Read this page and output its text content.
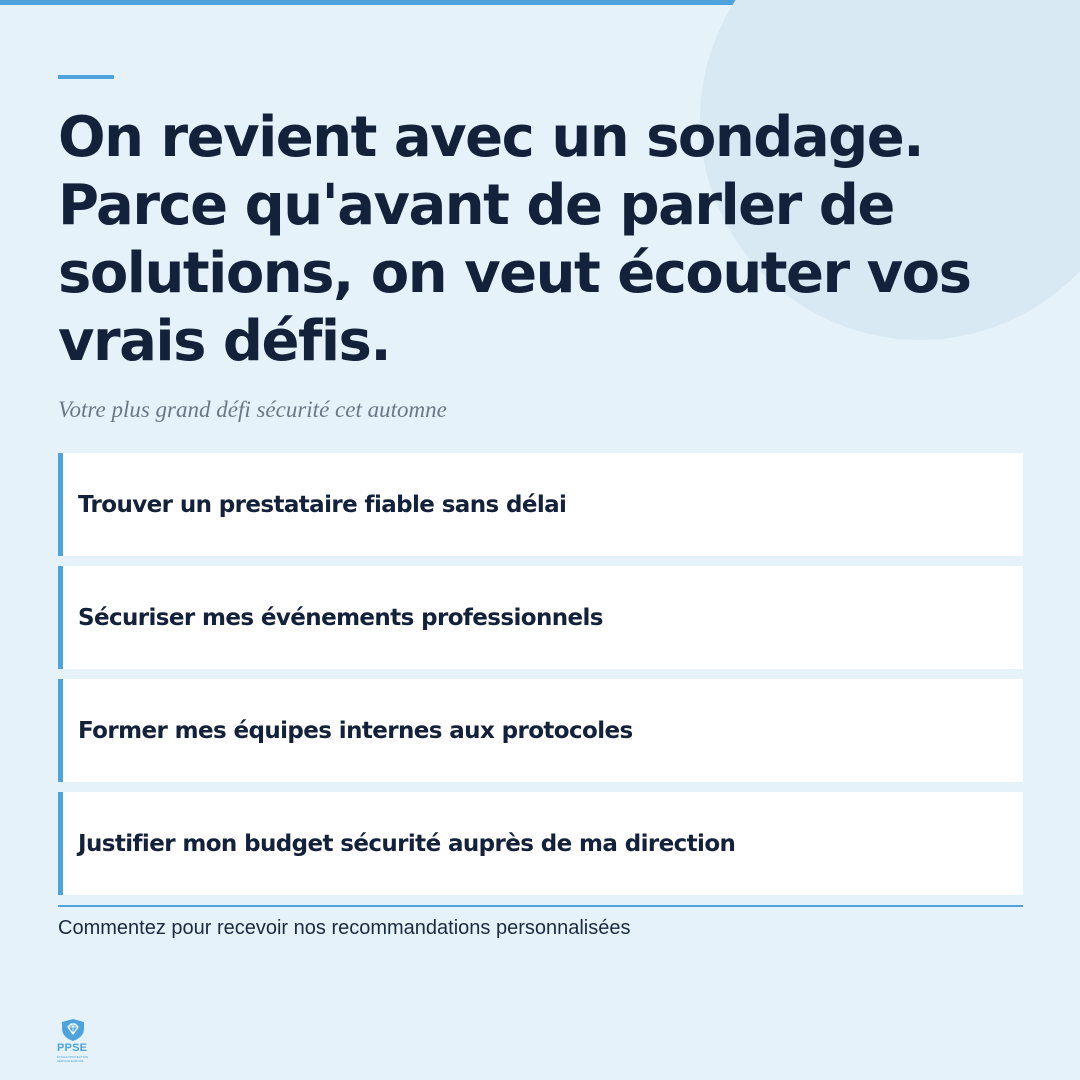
On revient avec un sondage. Parce qu'avant de parler de solutions, on veut écouter vos vrais défis.

Votre plus grand défi sécurité cet automne

Trouver un prestataire fiable sans délai
Sécuriser mes événements professionnels
Former mes équipes internes aux protocoles
Justifier mon budget sécurité auprès de ma direction

Commentez pour recevoir nos recommandations personnalisées

PPSE
ÉTOILE PROTECTION SERVICE EUROPE
